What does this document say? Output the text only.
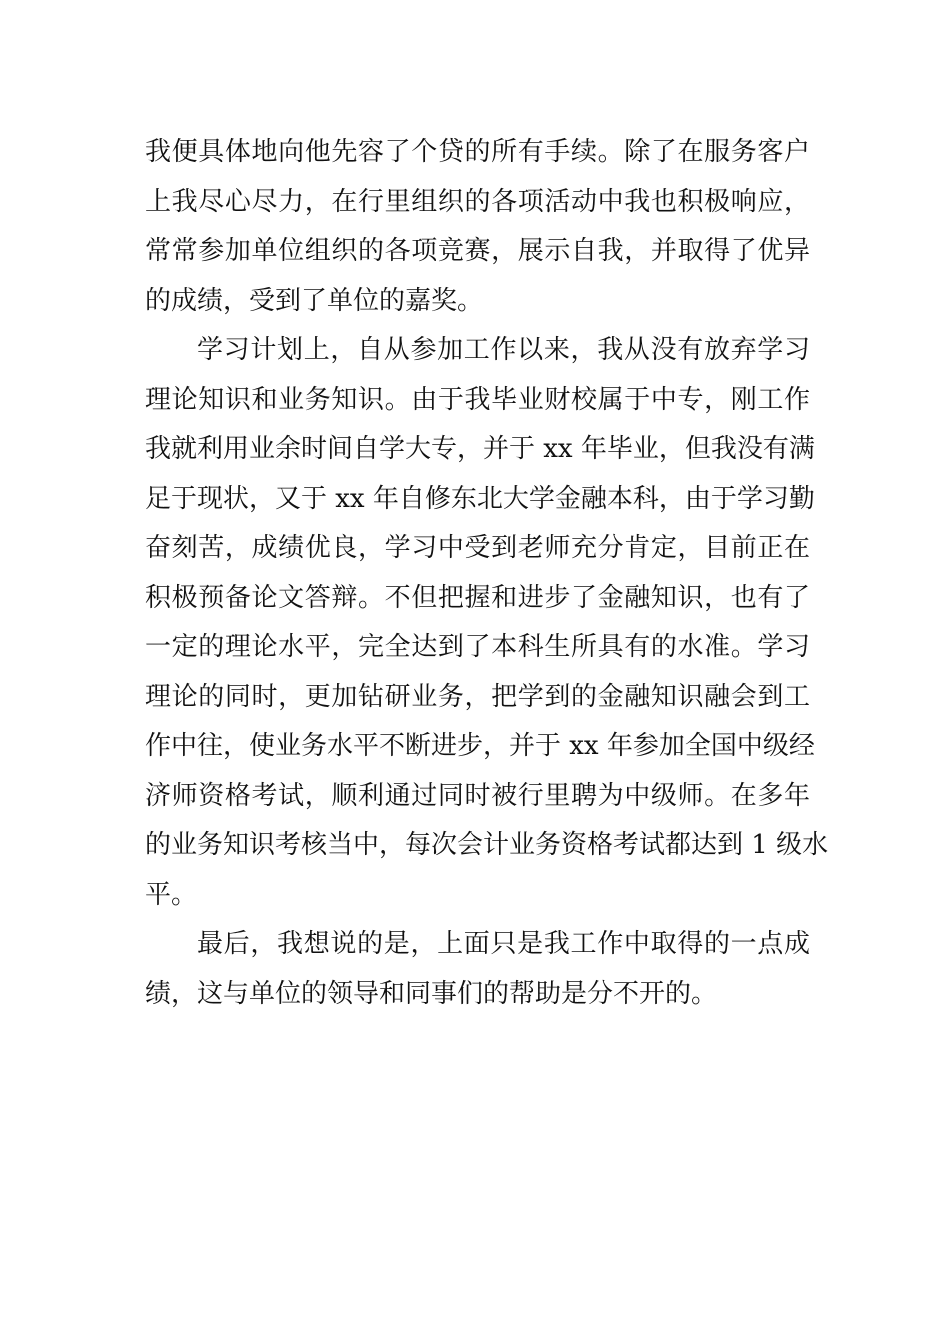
我便具体地向他先容了个贷的所有手续。除了在服务客户
上我尽心尽力，在行里组织的各项活动中我也积极响应，
常常参加单位组织的各项竞赛，展示自我，并取得了优异
的成绩，受到了单位的嘉奖。
学习计划上，自从参加工作以来，我从没有放弃学习
理论知识和业务知识。由于我毕业财校属于中专，刚工作
我就利用业余时间自学大专，并于 xx 年毕业，但我没有满
足于现状，又于 xx 年自修东北大学金融本科，由于学习勤
奋刻苦，成绩优良，学习中受到老师充分肯定，目前正在
积极预备论文答辩。不但把握和进步了金融知识，也有了
一定的理论水平，完全达到了本科生所具有的水准。学习
理论的同时，更加钻研业务，把学到的金融知识融会到工
作中往，使业务水平不断进步，并于 xx 年参加全国中级经
济师资格考试，顺利通过同时被行里聘为中级师。在多年
的业务知识考核当中，每次会计业务资格考试都达到 1 级水
平。
最后，我想说的是，上面只是我工作中取得的一点成
绩，这与单位的领导和同事们的帮助是分不开的。
